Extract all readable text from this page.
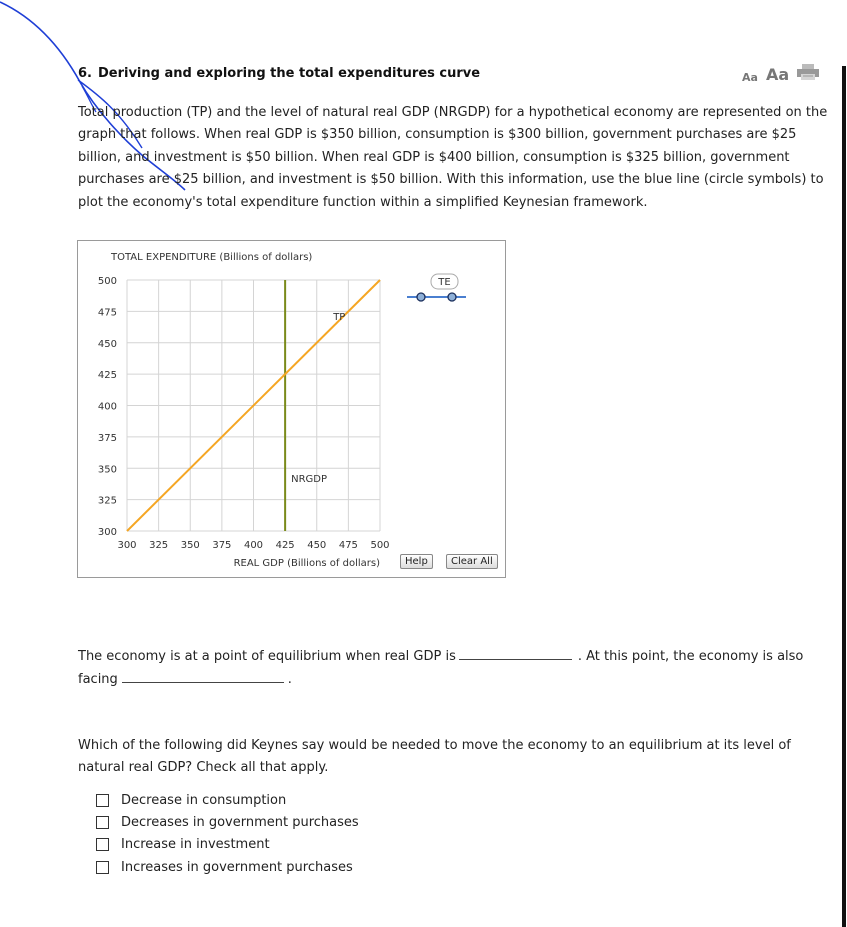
6. Deriving and exploring the total expenditures curve	Aa Aa

Total production (TP) and the level of natural real GDP (NRGDP) for a hypothetical economy are represented on the graph that follows. When real GDP is $350 billion, consumption is $300 billion, government purchases are $25 billion, and investment is $50 billion. When real GDP is $400 billion, consumption is $325 billion, government purchases are $25 billion, and investment is $50 billion. With this information, use the blue line (circle symbols) to plot the economy's total expenditure function within a simplified Keynesian framework.

TOTAL EXPENDITURE (Billions of dollars)
300 325 350 375 400 425 450 475 500
300
325
350
375
400
425
450
475
500
NRGDP
TP
TE
REAL GDP (Billions of dollars)	Help	Clear All
The economy is at a point of equilibrium when real GDP is	. At this point, the economy is also facing	.

Which of the following did Keynes say would be needed to move the economy to an equilibrium at its level of natural real GDP? Check all that apply.

Decrease in consumption
Decreases in government purchases
Increase in investment
Increases in government purchases
